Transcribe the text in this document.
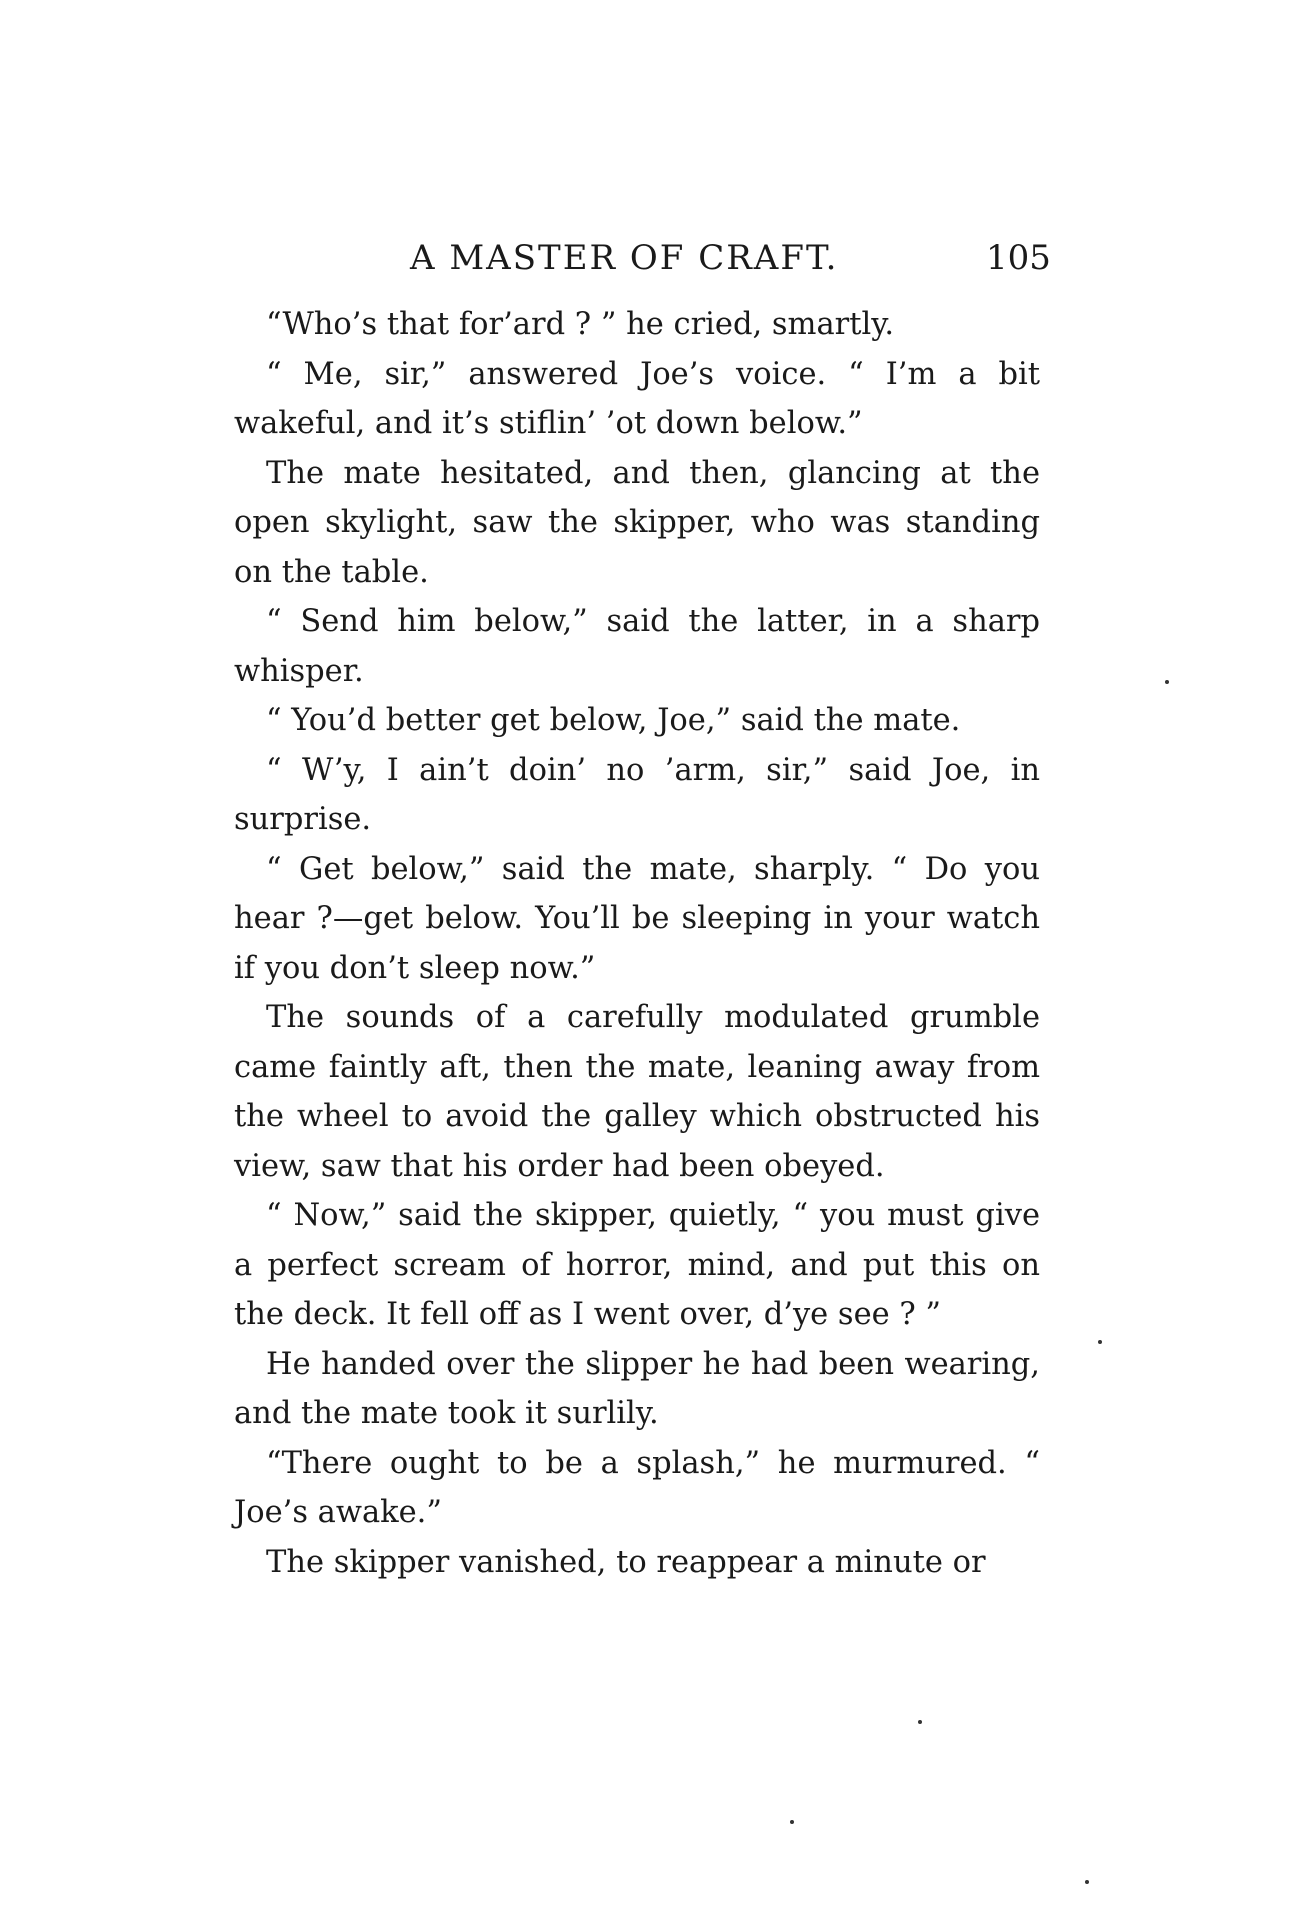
A MASTER OF CRAFT.	105

“Who’s that for’ard ? ” he cried, smartly.

“ Me, sir,” answered Joe’s voice. “ I’m a bit wakeful, and it’s stiflin’ ’ot down below.”

The mate hesitated, and then, glancing at the open skylight, saw the skipper, who was standing on the table.

“ Send him below,” said the latter, in a sharp whisper.

“ You’d better get below, Joe,” said the mate.

“ W’y, I ain’t doin’ no ’arm, sir,” said Joe, in surprise.

“ Get below,” said the mate, sharply. “ Do you hear ?—get below. You’ll be sleeping in your watch if you don’t sleep now.”

The sounds of a carefully modulated grumble came faintly aft, then the mate, leaning away from the wheel to avoid the galley which obstructed his view, saw that his order had been obeyed.

“ Now,” said the skipper, quietly, “ you must give a perfect scream of horror, mind, and put this on the deck. It fell off as I went over, d’ye see ? ”

He handed over the slipper he had been wearing, and the mate took it surlily.

“There ought to be a splash,” he murmured. “ Joe’s awake.”

The skipper vanished, to reappear a minute or
